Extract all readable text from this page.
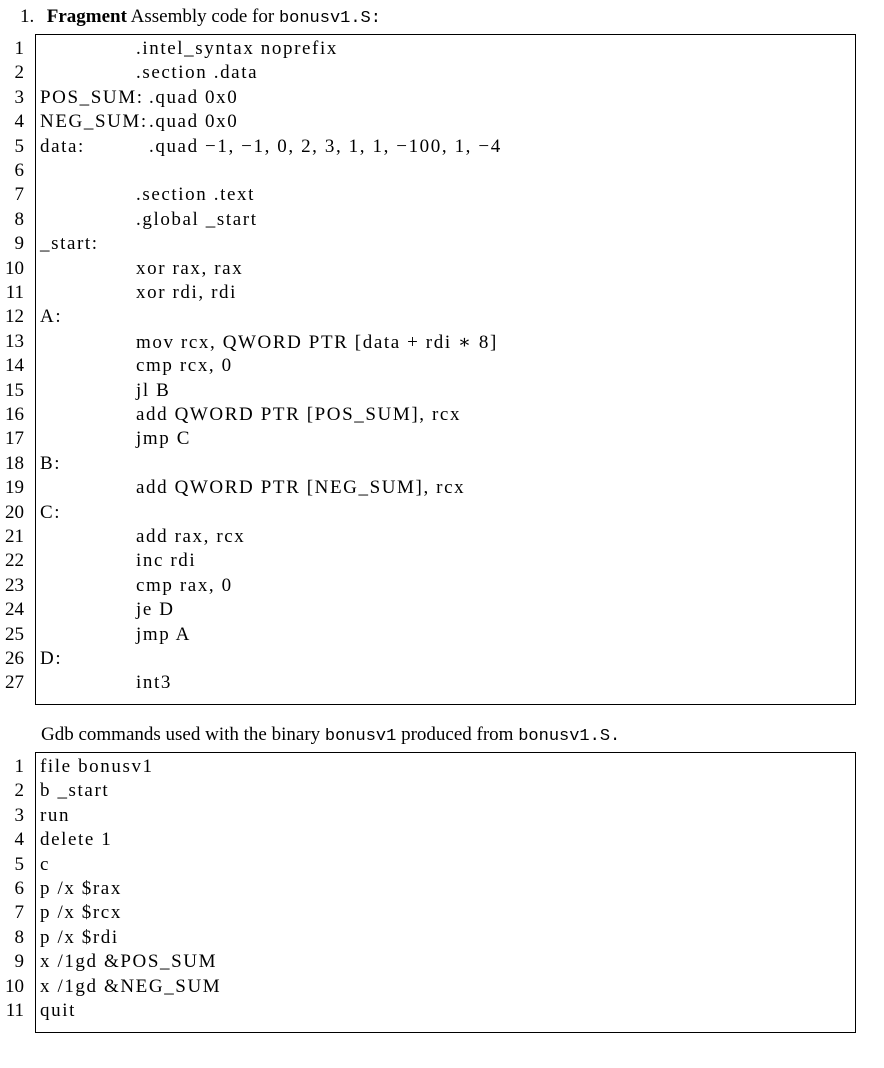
1. Fragment Assembly code for bonusv1.S:
1	.intel_syntax noprefix
2	.section .data
3 POS_SUM: .quad 0x0
4 NEG_SUM: .quad 0x0
5 data:	.quad −1, −1, 0, 2, 3, 1, 1, −100, 1, −4
6
7	.section .text
8	.global _start
9 _start:
10	xor rax, rax
11	xor rdi, rdi
12 A:
13	mov rcx, QWORD PTR [data + rdi ∗ 8]
14	cmp rcx, 0
15	jl B
16	add QWORD PTR [POS_SUM], rcx
17	jmp C
18 B:
19	add QWORD PTR [NEG_SUM], rcx
20 C:
21	add rax, rcx
22	inc rdi
23	cmp rax, 0
24	je D
25	jmp A
26 D:
27	int3
Gdb commands used with the binary bonusv1 produced from bonusv1.S.
1 file bonusv1
2 b _start
3 run
4 delete 1
5 c
6 p /x $rax
7 p /x $rcx
8 p /x $rdi
9 x /1gd &POS_SUM
10 x /1gd &NEG_SUM
11 quit
